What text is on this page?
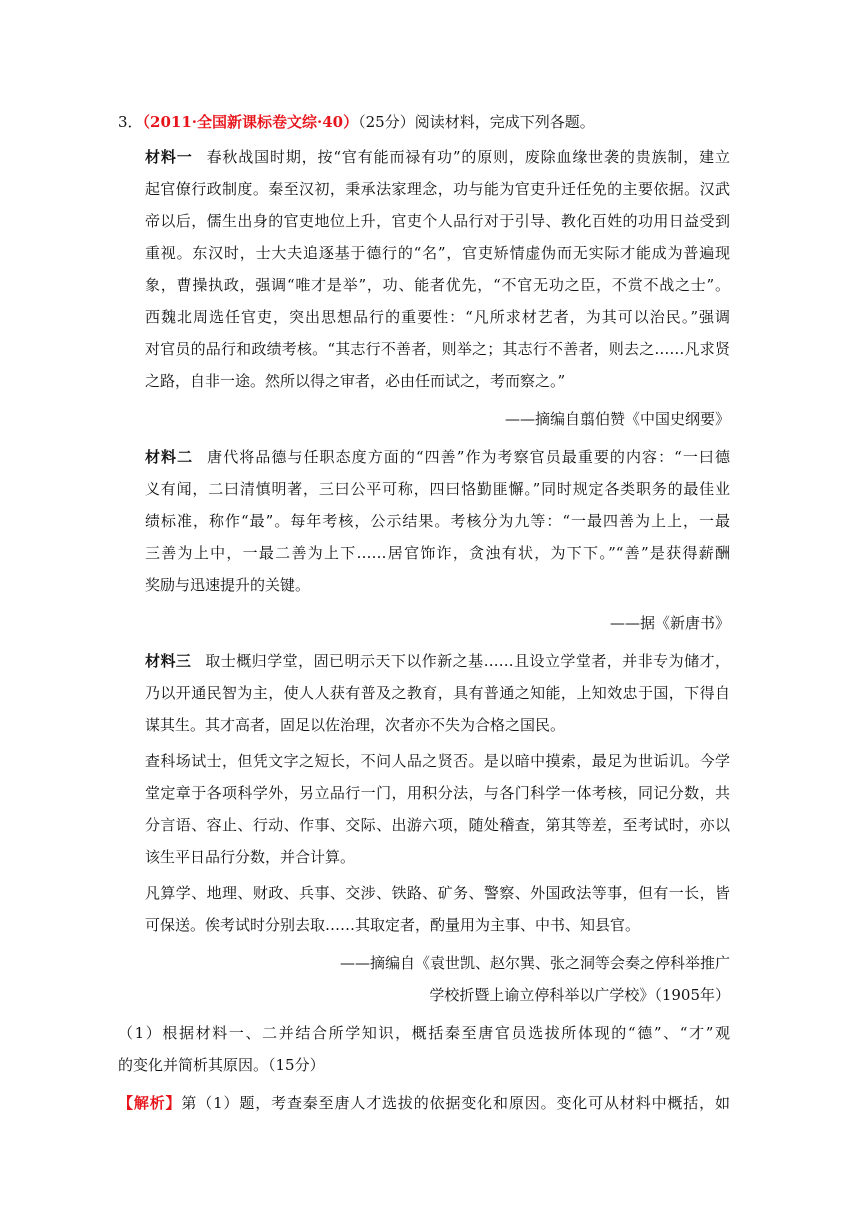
3．（2011·全国新课标卷文综·40）（25分）阅读材料，完成下列各题。
材料一 春秋战国时期，按“官有能而禄有功”的原则，废除血缘世袭的贵族制，建立
起官僚行政制度。秦至汉初，秉承法家理念，功与能为官吏升迁任免的主要依据。汉武
帝以后，儒生出身的官吏地位上升，官吏个人品行对于引导、教化百姓的功用日益受到
重视。东汉时，士大夫追逐基于德行的“名”，官吏矫情虚伪而无实际才能成为普遍现
象，曹操执政，强调“唯才是举”，功、能者优先，“不官无功之臣，不赏不战之士”。
西魏北周选任官吏，突出思想品行的重要性：“凡所求材艺者，为其可以治民。”强调
对官员的品行和政绩考核。“其志行不善者，则举之；其志行不善者，则去之……凡求贤
之路，自非一途。然所以得之审者，必由任而试之，考而察之。”
——摘编自翦伯赞《中国史纲要》
材料二 唐代将品德与任职态度方面的“四善”作为考察官员最重要的内容：“一曰德
义有闻，二曰清慎明著，三曰公平可称，四曰恪勤匪懈。”同时规定各类职务的最佳业
绩标准，称作“最”。每年考核，公示结果。考核分为九等：“一最四善为上上，一最
三善为上中，一最二善为上下……居官饰诈，贪浊有状，为下下。”“善”是获得薪酬
奖励与迅速提升的关键。
——据《新唐书》
材料三 取士概归学堂，固已明示天下以作新之基……且设立学堂者，并非专为储才，
乃以开通民智为主，使人人获有普及之教育，具有普通之知能，上知效忠于国，下得自
谋其生。其才高者，固足以佐治理，次者亦不失为合格之国民。
查科场试士，但凭文字之短长，不问人品之贤否。是以暗中摸索，最足为世诟讥。今学
堂定章于各项科学外，另立品行一门，用积分法，与各门科学一体考核，同记分数，共
分言语、容止、行动、作事、交际、出游六项，随处稽查，第其等差，至考试时，亦以
该生平日品行分数，并合计算。
凡算学、地理、财政、兵事、交涉、铁路、矿务、警察、外国政法等事，但有一长，皆
可保送。俟考试时分别去取……其取定者，酌量用为主事、中书、知县官。
——摘编自《袁世凯、赵尔巽、张之洞等会奏之停科举推广
学校折暨上谕立停科举以广学校》（1905年）
（1）根据材料一、二并结合所学知识，概括秦至唐官员选拔所体现的“德”、“才”观
的变化并简析其原因。（15分）
【解析】第（1）题，考查秦至唐人才选拔的依据变化和原因。变化可从材料中概括，如
